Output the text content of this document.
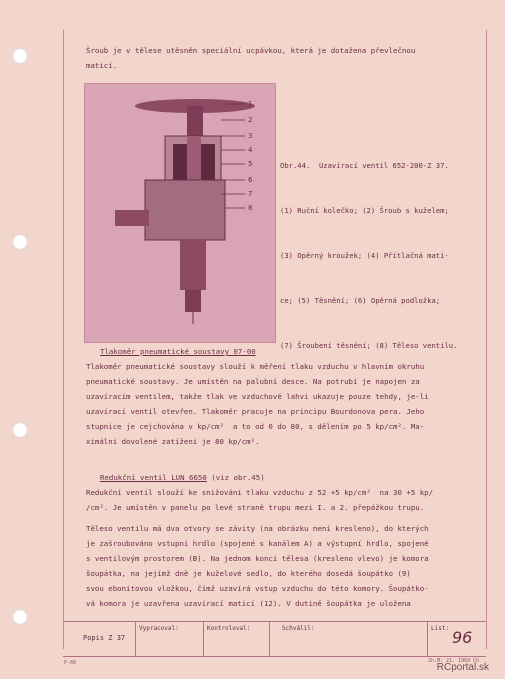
Šroub je v tělese utěsněn speciální ucpávkou, která je dotažena převlečnou
maticí.
1
2
3
4
5
6
7
8

Obr.44.  Uzavírací ventil 652-200-Z 37.

(1) Ruční kolečko; (2) Šroub s kuželem;

(3) Opěrný kroužek; (4) Přítlačná mati-

ce; (5) Těsnění; (6) Opěrná podložka;

(7) Šroubení těsnění; (8) Těleso ventilu.

Tlakoměr pneumatické soustavy 07-00
Tlakoměr pneumatické soustavy slouží k měření tlaku vzduchu v hlavním okruhu
pneumatické soustavy. Je umístěn na palubní desce. Na potrubí je napojen za
uzavíracím ventilem, takže tlak ve vzduchové lahvi ukazuje pouze tehdy, je-li
uzavírací ventil otevřen. Tlakoměr pracuje na principu Bourdonova pera. Jeho
stupnice je cejchována v kp/cm²  a to od 0 do 80, s dělením po 5 kp/cm². Ma-
ximální dovolené zatížení je 80 kp/cm².
Redukční ventil LUN 6650 (viz obr.45)
Redukční ventil slouží ke snižování tlaku vzduchu z 52 +5 kp/cm²  na 30 +5 kp/
/cm². Je umístěn v panelu po levé straně trupu mezi I. a 2. přepážkou trupu.
Těleso ventilu má dva otvory se závity (na obrázku není kresleno), do kterých
je zašroubováno vstupní hrdlo (spojené s kanálem A) a výstupní hrdlo, spojené
s ventilovým prostorem (B). Na jednom konci tělesa (kresleno vlevo) je komora
šoupátka, na jejímž dně je kuželové sedlo, do kterého dosedá šoupátko (9)
svou ebonitovou vložkou, čímž uzavírá vstup vzduchu do této komory. Šoupátko-
vá komora je uzavřena uzavírací maticí (12). V dutině šoupátka je uložena
Popis Z 37
Vypracoval:	Kontroloval:	Schválil:	List: 96
P-60	Zn.M: 21. 1969 Ch
RCportal.sk
